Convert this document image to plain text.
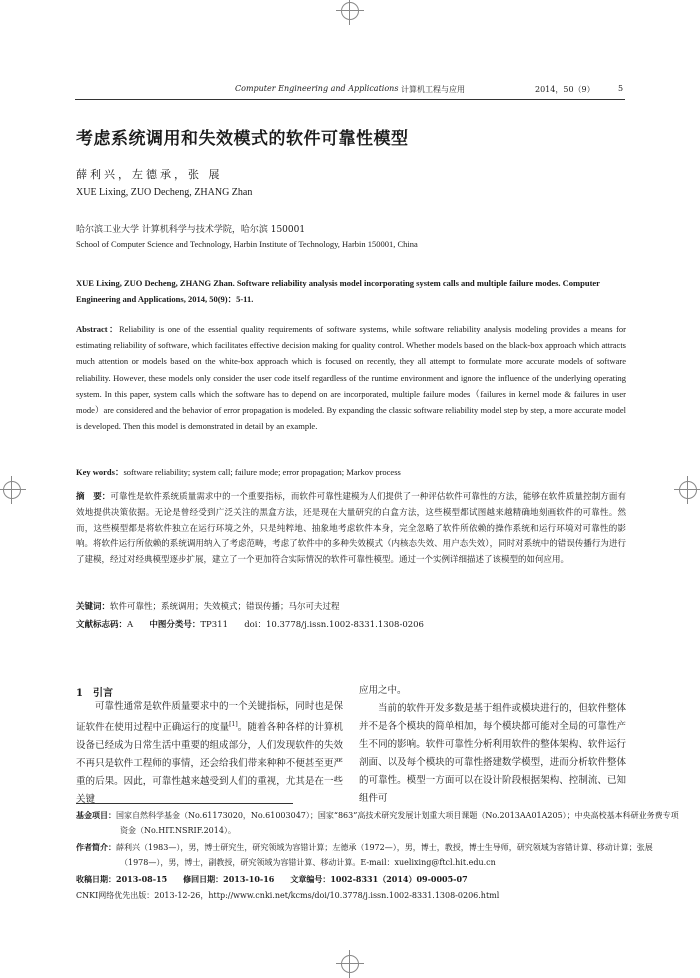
Computer Engineering and Applications 计算机工程与应用	2014，50（9）	5
考虑系统调用和失效模式的软件可靠性模型
薛利兴，左德承，张 展
XUE Lixing, ZUO Decheng, ZHANG Zhan
哈尔滨工业大学 计算机科学与技术学院，哈尔滨 150001
School of Computer Science and Technology, Harbin Institute of Technology, Harbin 150001, China
XUE Lixing, ZUO Decheng, ZHANG Zhan. Software reliability analysis model incorporating system calls and multiple failure modes. Computer Engineering and Applications, 2014, 50(9)：5-11.
Abstract：Reliability is one of the essential quality requirements of software systems, while software reliability analysis modeling provides a means for estimating reliability of software, which facilitates effective decision making for quality control. Whether models based on the black-box approach which attracts much attention or models based on the white-box approach which is focused on recently, they all attempt to formulate more accurate models of software reliability. However, these models only consider the user code itself regardless of the runtime environment and ignore the influence of the underlying operating system. In this paper, system calls which the software has to depend on are incorporated, multiple failure modes（failures in kernel mode & failures in user mode）are considered and the behavior of error propagation is modeled. By expanding the classic software reliability model step by step, a more accurate model is developed. Then this model is demonstrated in detail by an example.
Key words：software reliability; system call; failure mode; error propagation; Markov process
摘　要：可靠性是软件系统质量需求中的一个重要指标，而软件可靠性建模为人们提供了一种评估软件可靠性的方法，能够在软件质量控制方面有效地提供决策依据。无论是曾经受到广泛关注的黑盒方法，还是现在大量研究的白盒方法，这些模型都试图越来越精确地刻画软件的可靠性。然而，这些模型都是将软件独立在运行环境之外，只是纯粹地、抽象地考虑软件本身，完全忽略了软件所依赖的操作系统和运行环境对可靠性的影响。将软件运行所依赖的系统调用纳入了考虑范畴，考虑了软件中的多种失效模式（内核态失效、用户态失效），同时对系统中的错误传播行为进行了建模，经过对经典模型逐步扩展，建立了一个更加符合实际情况的软件可靠性模型。通过一个实例详细描述了该模型的如何应用。
关键词：软件可靠性；系统调用；失效模式；错误传播；马尔可夫过程
文献标志码：A 中图分类号：TP311 doi：10.3778/j.issn.1002-8331.1308-0206
1　引言
可靠性通常是软件质量要求中的一个关键指标，同时也是保证软件在使用过程中正确运行的度量[1]。随着各种各样的计算机设备已经成为日常生活中重要的组成部分，人们发现软件的失效不再只是软件工程师的事情，还会给我们带来种种不便甚至更严重的后果。因此，可靠性越来越受到人们的重视，尤其是在一些关键
应用之中。
当前的软件开发多数是基于组件或模块进行的，但软件整体并不是各个模块的简单相加，每个模块都可能对全局的可靠性产生不同的影响。软件可靠性分析利用软件的整体架构、软件运行剖面、以及每个模块的可靠性搭建数学模型，进而分析软件整体的可靠性。模型一方面可以在设计阶段根据架构、控制流、已知组件可
基金项目：国家自然科学基金（No.61173020，No.61003047）；国家“863”高技术研究发展计划重大项目课题（No.2013AA01A205）；中央高校基本科研业务费专项资金（No.HIT.NSRIF.2014）。
作者简介：薛利兴（1983—），男，博士研究生，研究领域为容错计算；左德承（1972—），男，博士，教授，博士生导师，研究领域为容错计算、移动计算；张展（1978—），男，博士，副教授，研究领域为容错计算、移动计算。E-mail：xuelixing@ftcl.hit.edu.cn
收稿日期：2013-08-15　　修回日期：2013-10-16　　文章编号：1002-8331（2014）09-0005-07
CNKI网络优先出版：2013-12-26，http://www.cnki.net/kcms/doi/10.3778/j.issn.1002-8331.1308-0206.html
